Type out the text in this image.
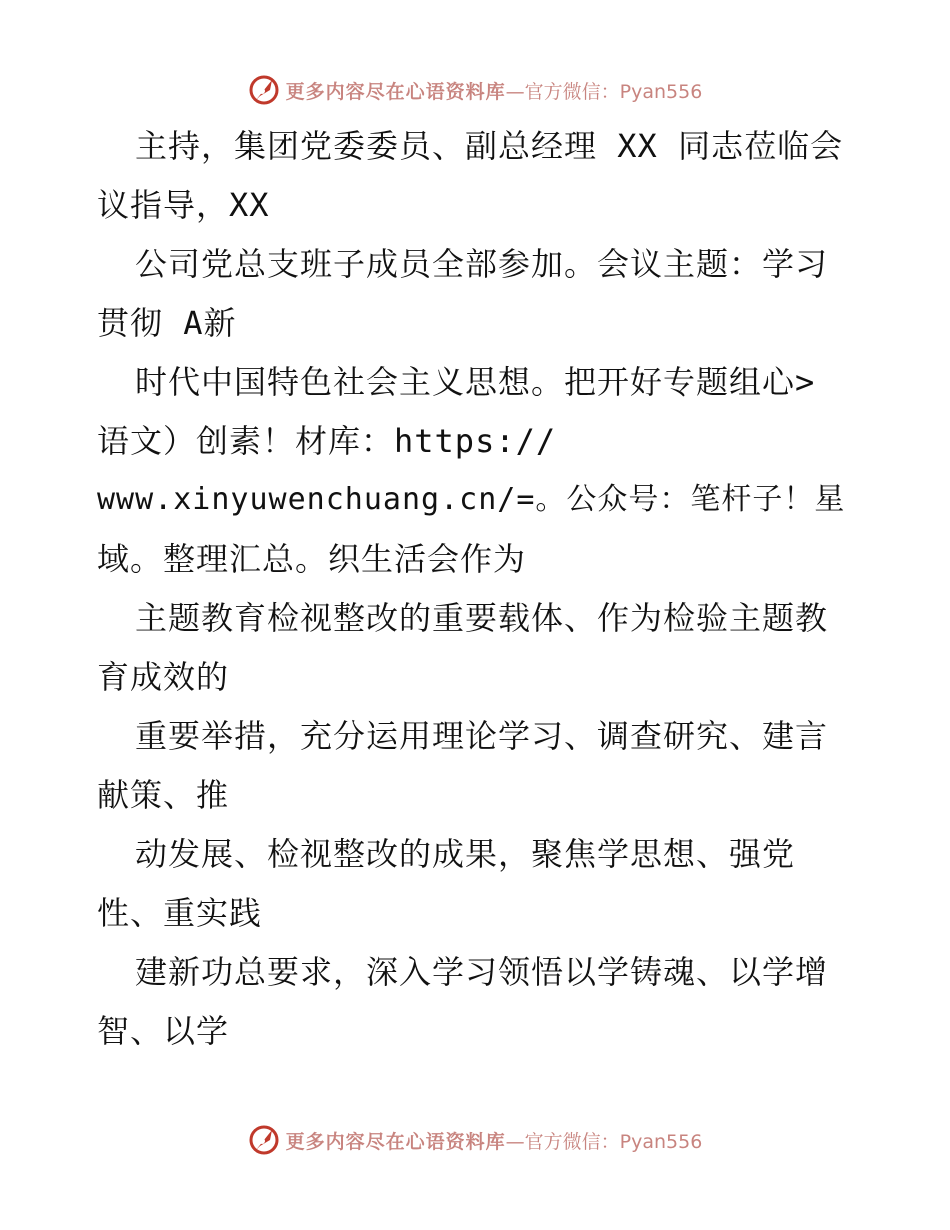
更多内容尽在心语资料库 —官方微信：Pyan556
主持，集团党委委员、副总经理 XX 同志莅临会
议指导，XX
公司党总支班子成员全部参加。会议主题：学习
贯彻 A新
时代中国特色社会主义思想。把开好专题组心>
语文）创素！材库：https://
www.xinyuwenchuang.cn/=。公众号：笔杆子！星
域。整理汇总。织生活会作为
主题教育检视整改的重要载体、作为检验主题教
育成效的
重要举措，充分运用理论学习、调查研究、建言
献策、推
动发展、检视整改的成果，聚焦学思想、强党
性、重实践
建新功总要求，深入学习领悟以学铸魂、以学增
智、以学
更多内容尽在心语资料库 —官方微信：Pyan556
